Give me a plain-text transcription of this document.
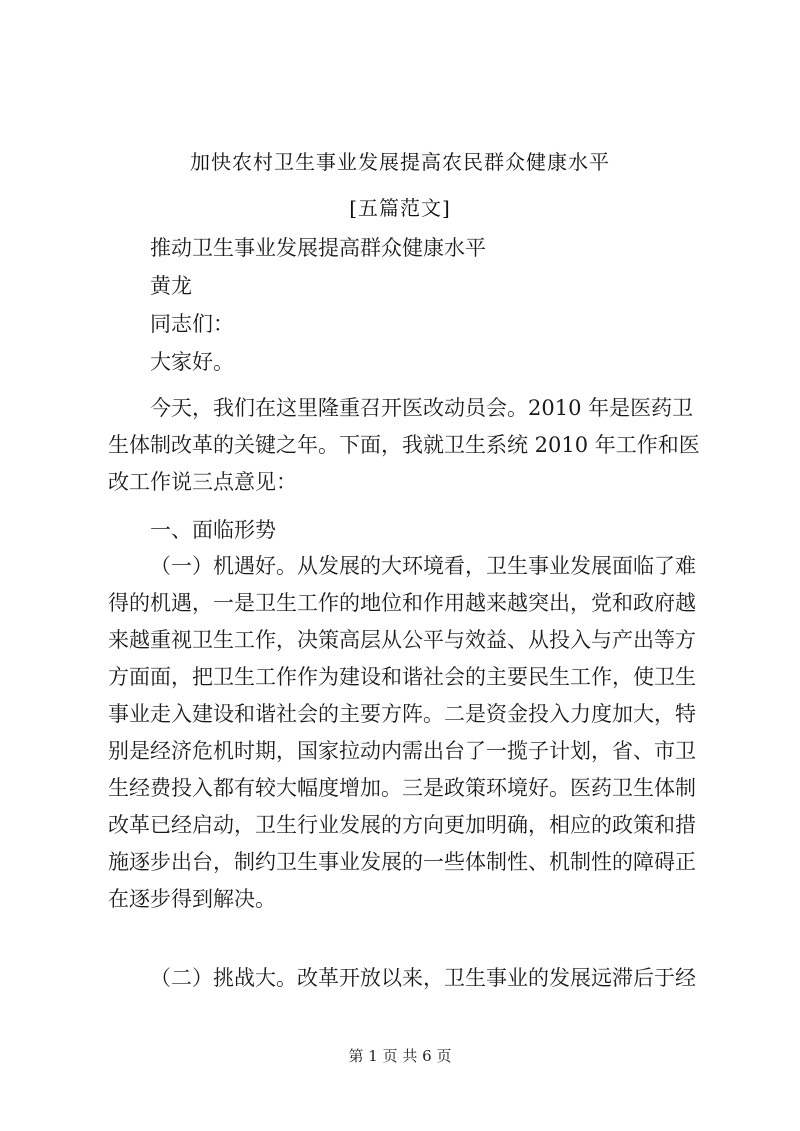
加快农村卫生事业发展提高农民群众健康水平
[五篇范文]
推动卫生事业发展提高群众健康水平
黄龙
同志们：
大家好。
今天，我们在这里隆重召开医改动员会。2010 年是医药卫
生体制改革的关键之年。下面，我就卫生系统 2010 年工作和医
改工作说三点意见：
一、面临形势
（一）机遇好。从发展的大环境看，卫生事业发展面临了难
得的机遇，一是卫生工作的地位和作用越来越突出，党和政府越
来越重视卫生工作，决策高层从公平与效益、从投入与产出等方
方面面，把卫生工作作为建设和谐社会的主要民生工作，使卫生
事业走入建设和谐社会的主要方阵。二是资金投入力度加大，特
别是经济危机时期，国家拉动内需出台了一揽子计划，省、市卫
生经费投入都有较大幅度增加。三是政策环境好。医药卫生体制
改革已经启动，卫生行业发展的方向更加明确，相应的政策和措
施逐步出台，制约卫生事业发展的一些体制性、机制性的障碍正
在逐步得到解决。
（二）挑战大。改革开放以来，卫生事业的发展远滞后于经
第 1 页 共 6 页
